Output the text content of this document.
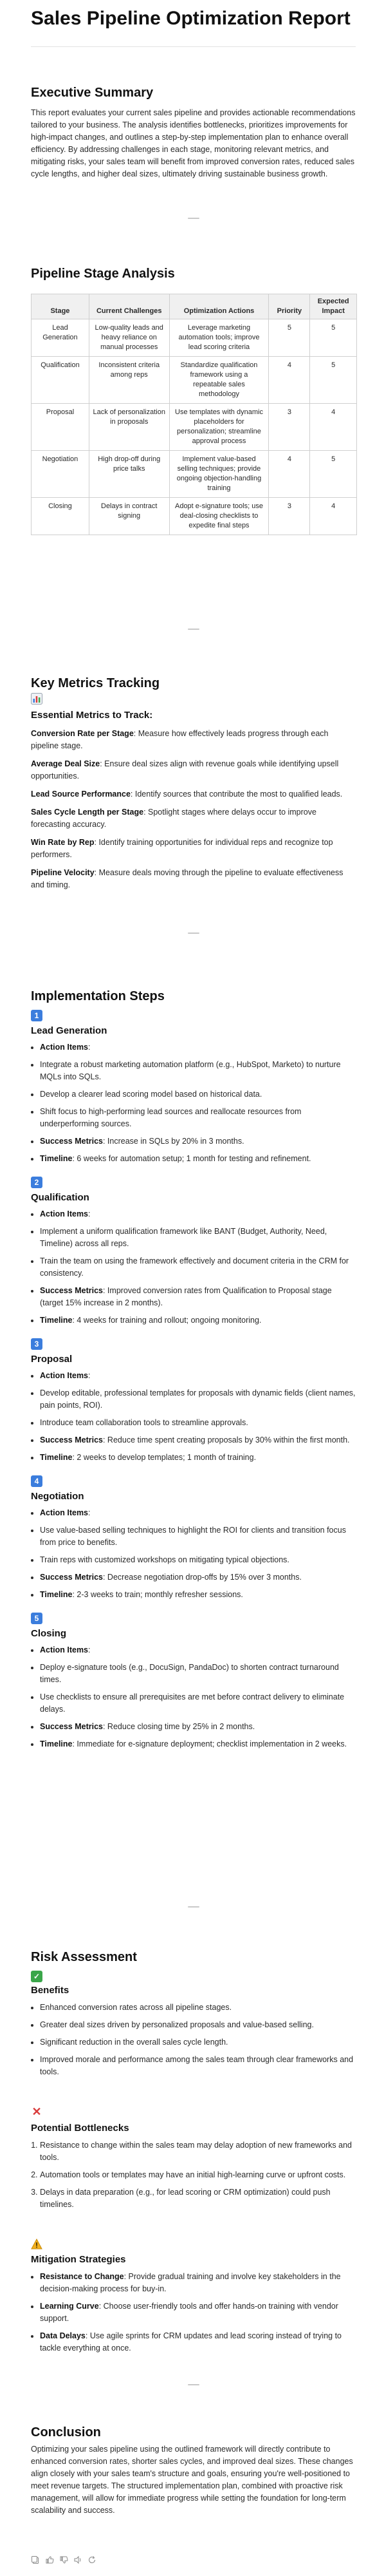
Sales Pipeline Optimization Report
Executive Summary

This report evaluates your current sales pipeline and provides actionable recommendations tailored to your business. The analysis identifies bottlenecks, prioritizes improvements for high-impact changes, and outlines a step-by-step implementation plan to enhance overall efficiency. By addressing challenges in each stage, monitoring relevant metrics, and mitigating risks, your sales team will benefit from improved conversion rates, reduced sales cycle lengths, and higher deal sizes, ultimately driving sustainable business growth.

Pipeline Stage Analysis
Stage	Current Challenges	Optimization Actions	Priority	Expected Impact
Lead Generation	Low-quality leads and heavy reliance on manual processes	Leverage marketing automation tools; improve lead scoring criteria	5	5
Qualification	Inconsistent criteria among reps	Standardize qualification framework using a repeatable sales methodology	4	5
Proposal	Lack of personalization in proposals	Use templates with dynamic placeholders for personalization; streamline approval process	3	4
Negotiation	High drop-off during price talks	Implement value-based selling techniques; provide ongoing objection-handling training	4	5
Closing	Delays in contract signing	Adopt e-signature tools; use deal-closing checklists to expedite final steps	3	4
Key Metrics Tracking
Essential Metrics to Track:
Conversion Rate per Stage: Measure how effectively leads progress through each pipeline stage.
Average Deal Size: Ensure deal sizes align with revenue goals while identifying upsell opportunities.
Lead Source Performance: Identify sources that contribute the most to qualified leads.
Sales Cycle Length per Stage: Spotlight stages where delays occur to improve forecasting accuracy.
Win Rate by Rep: Identify training opportunities for individual reps and recognize top performers.
Pipeline Velocity: Measure deals moving through the pipeline to evaluate effectiveness and timing.
Implementation Steps
1
Lead Generation
• Action Items:
• Integrate a robust marketing automation platform (e.g., HubSpot, Marketo) to nurture MQLs into SQLs.
• Develop a clearer lead scoring model based on historical data.
• Shift focus to high-performing lead sources and reallocate resources from underperforming sources.
• Success Metrics: Increase in SQLs by 20% in 3 months.
• Timeline: 6 weeks for automation setup; 1 month for testing and refinement.
2
Qualification
• Action Items:
• Implement a uniform qualification framework like BANT (Budget, Authority, Need, Timeline) across all reps.
• Train the team on using the framework effectively and document criteria in the CRM for consistency.
• Success Metrics: Improved conversion rates from Qualification to Proposal stage (target 15% increase in 2 months).
• Timeline: 4 weeks for training and rollout; ongoing monitoring.
3
Proposal
• Action Items:
• Develop editable, professional templates for proposals with dynamic fields (client names, pain points, ROI).
• Introduce team collaboration tools to streamline approvals.
• Success Metrics: Reduce time spent creating proposals by 30% within the first month.
• Timeline: 2 weeks to develop templates; 1 month of training.
4
Negotiation
• Action Items:
• Use value-based selling techniques to highlight the ROI for clients and transition focus from price to benefits.
• Train reps with customized workshops on mitigating typical objections.
• Success Metrics: Decrease negotiation drop-offs by 15% over 3 months.
• Timeline: 2-3 weeks to train; monthly refresher sessions.
5
Closing
• Action Items:
• Deploy e-signature tools (e.g., DocuSign, PandaDoc) to shorten contract turnaround times.
• Use checklists to ensure all prerequisites are met before contract delivery to eliminate delays.
• Success Metrics: Reduce closing time by 25% in 2 months.
• Timeline: Immediate for e-signature deployment; checklist implementation in 2 weeks.
Risk Assessment
✓
Benefits
• Enhanced conversion rates across all pipeline stages.
• Greater deal sizes driven by personalized proposals and value-based selling.
• Significant reduction in the overall sales cycle length.
• Improved morale and performance among the sales team through clear frameworks and tools.
✕
Potential Bottlenecks
1. Resistance to change within the sales team may delay adoption of new frameworks and tools.
2. Automation tools or templates may have an initial high-learning curve or upfront costs.
3. Delays in data preparation (e.g., for lead scoring or CRM optimization) could push timelines.
Mitigation Strategies
• Resistance to Change: Provide gradual training and involve key stakeholders in the decision-making process for buy-in.
• Learning Curve: Choose user-friendly tools and offer hands-on training with vendor support.
• Data Delays: Use agile sprints for CRM updates and lead scoring instead of trying to tackle everything at once.
Conclusion

Optimizing your sales pipeline using the outlined framework will directly contribute to enhanced conversion rates, shorter sales cycles, and improved deal sizes. These changes align closely with your sales team's structure and goals, ensuring you're well-positioned to meet revenue targets. The structured implementation plan, combined with proactive risk management, will allow for immediate progress while setting the foundation for long-term scalability and success.
